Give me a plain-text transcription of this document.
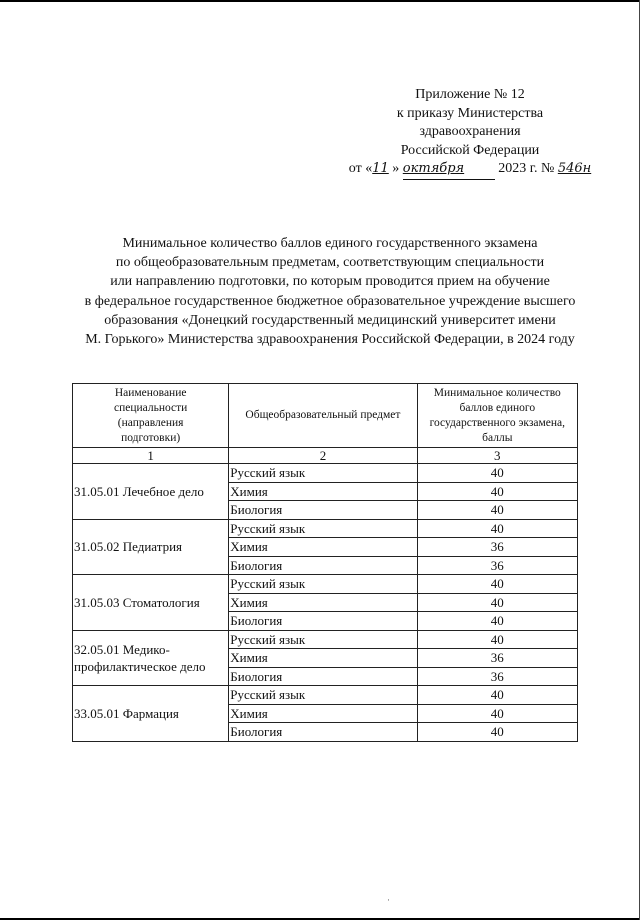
Приложение № 12
к приказу Министерства
здравоохранения
Российской Федерации
от «11 » октября 2023 г. № 546н
Минимальное количество баллов единого государственного экзамена
по общеобразовательным предметам, соответствующим специальности
или направлению подготовки, по которым проводится прием на обучение
в федеральное государственное бюджетное образовательное учреждение высшего
образования «Донецкий государственный медицинский университет имени
М. Горького» Министерства здравоохранения Российской Федерации, в 2024 году
Наименование специальности (направления подготовки)	Общеобразовательный предмет	Минимальное количество баллов единого государственного экзамена, баллы
1	2	3
31.05.01 Лечебное дело	Русский язык	40
	Химия	40
	Биология	40
31.05.02 Педиатрия	Русский язык	40
	Химия	36
	Биология	36
31.05.03 Стоматология	Русский язык	40
	Химия	40
	Биология	40
32.05.01 Медико-профилактическое дело	Русский язык	40
	Химия	36
	Биология	36
33.05.01 Фармация	Русский язык	40
	Химия	40
	Биология	40
·
